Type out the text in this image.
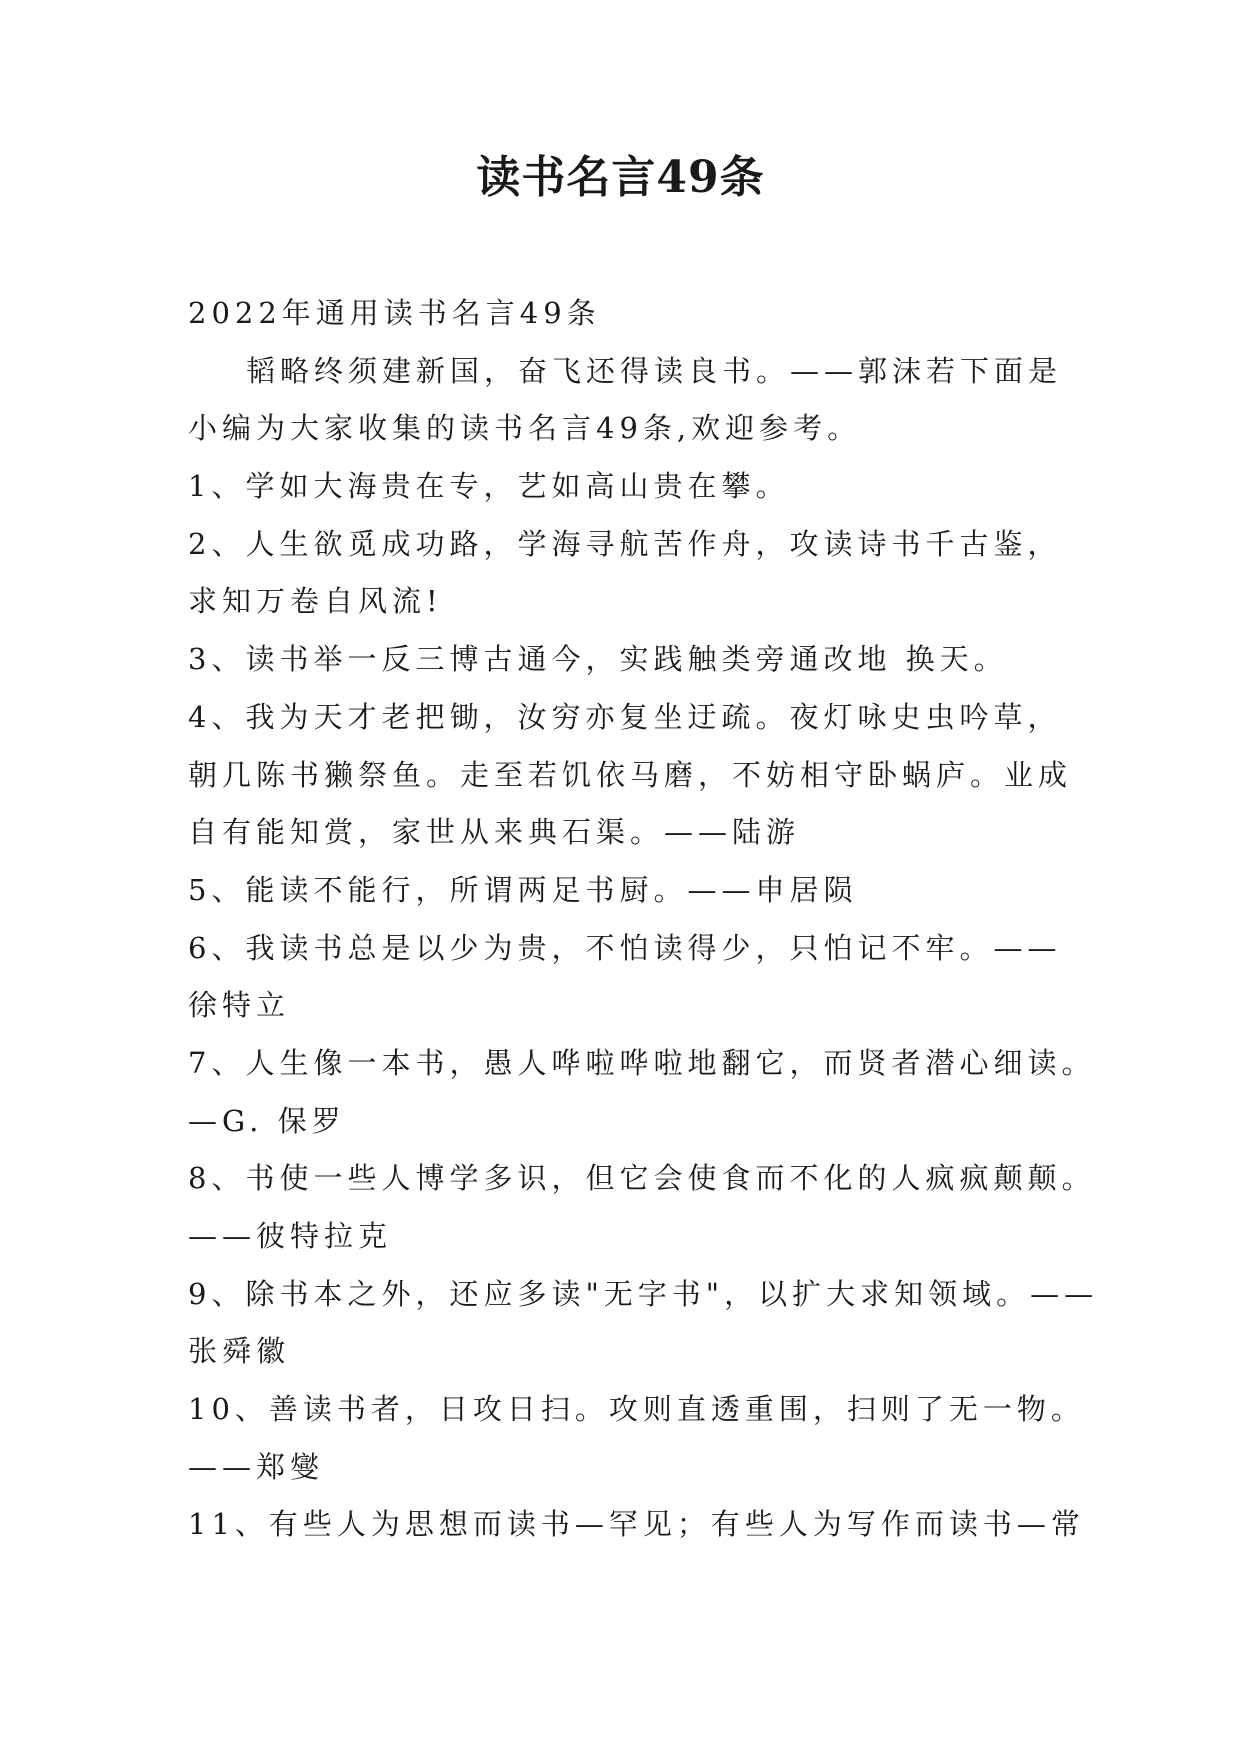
读书名言49条
2022年通用读书名言49条
韬略终须建新国，奋飞还得读良书。——郭沫若下面是
小编为大家收集的读书名言49条,欢迎参考。
1、学如大海贵在专，艺如高山贵在攀。
2、人生欲觅成功路，学海寻航苦作舟，攻读诗书千古鉴，
求知万卷自风流!
3、读书举一反三博古通今，实践触类旁通改地 换天。
4、我为天才老把锄，汝穷亦复坐迂疏。夜灯咏史虫吟草，
朝几陈书獭祭鱼。走至若饥依马磨，不妨相守卧蜗庐。业成
自有能知赏，家世从来典石渠。——陆游
5、能读不能行，所谓两足书厨。——申居陨
6、我读书总是以少为贵，不怕读得少，只怕记不牢。——
徐特立
7、人生像一本书，愚人哗啦哗啦地翻它，而贤者潜心细读。
—G. 保罗
8、书使一些人博学多识，但它会使食而不化的人疯疯颠颠。
——彼特拉克
9、除书本之外，还应多读"无字书"，以扩大求知领域。——
张舜徽
10、善读书者，日攻日扫。攻则直透重围，扫则了无一物。
——郑燮
11、有些人为思想而读书—罕见；有些人为写作而读书—常
